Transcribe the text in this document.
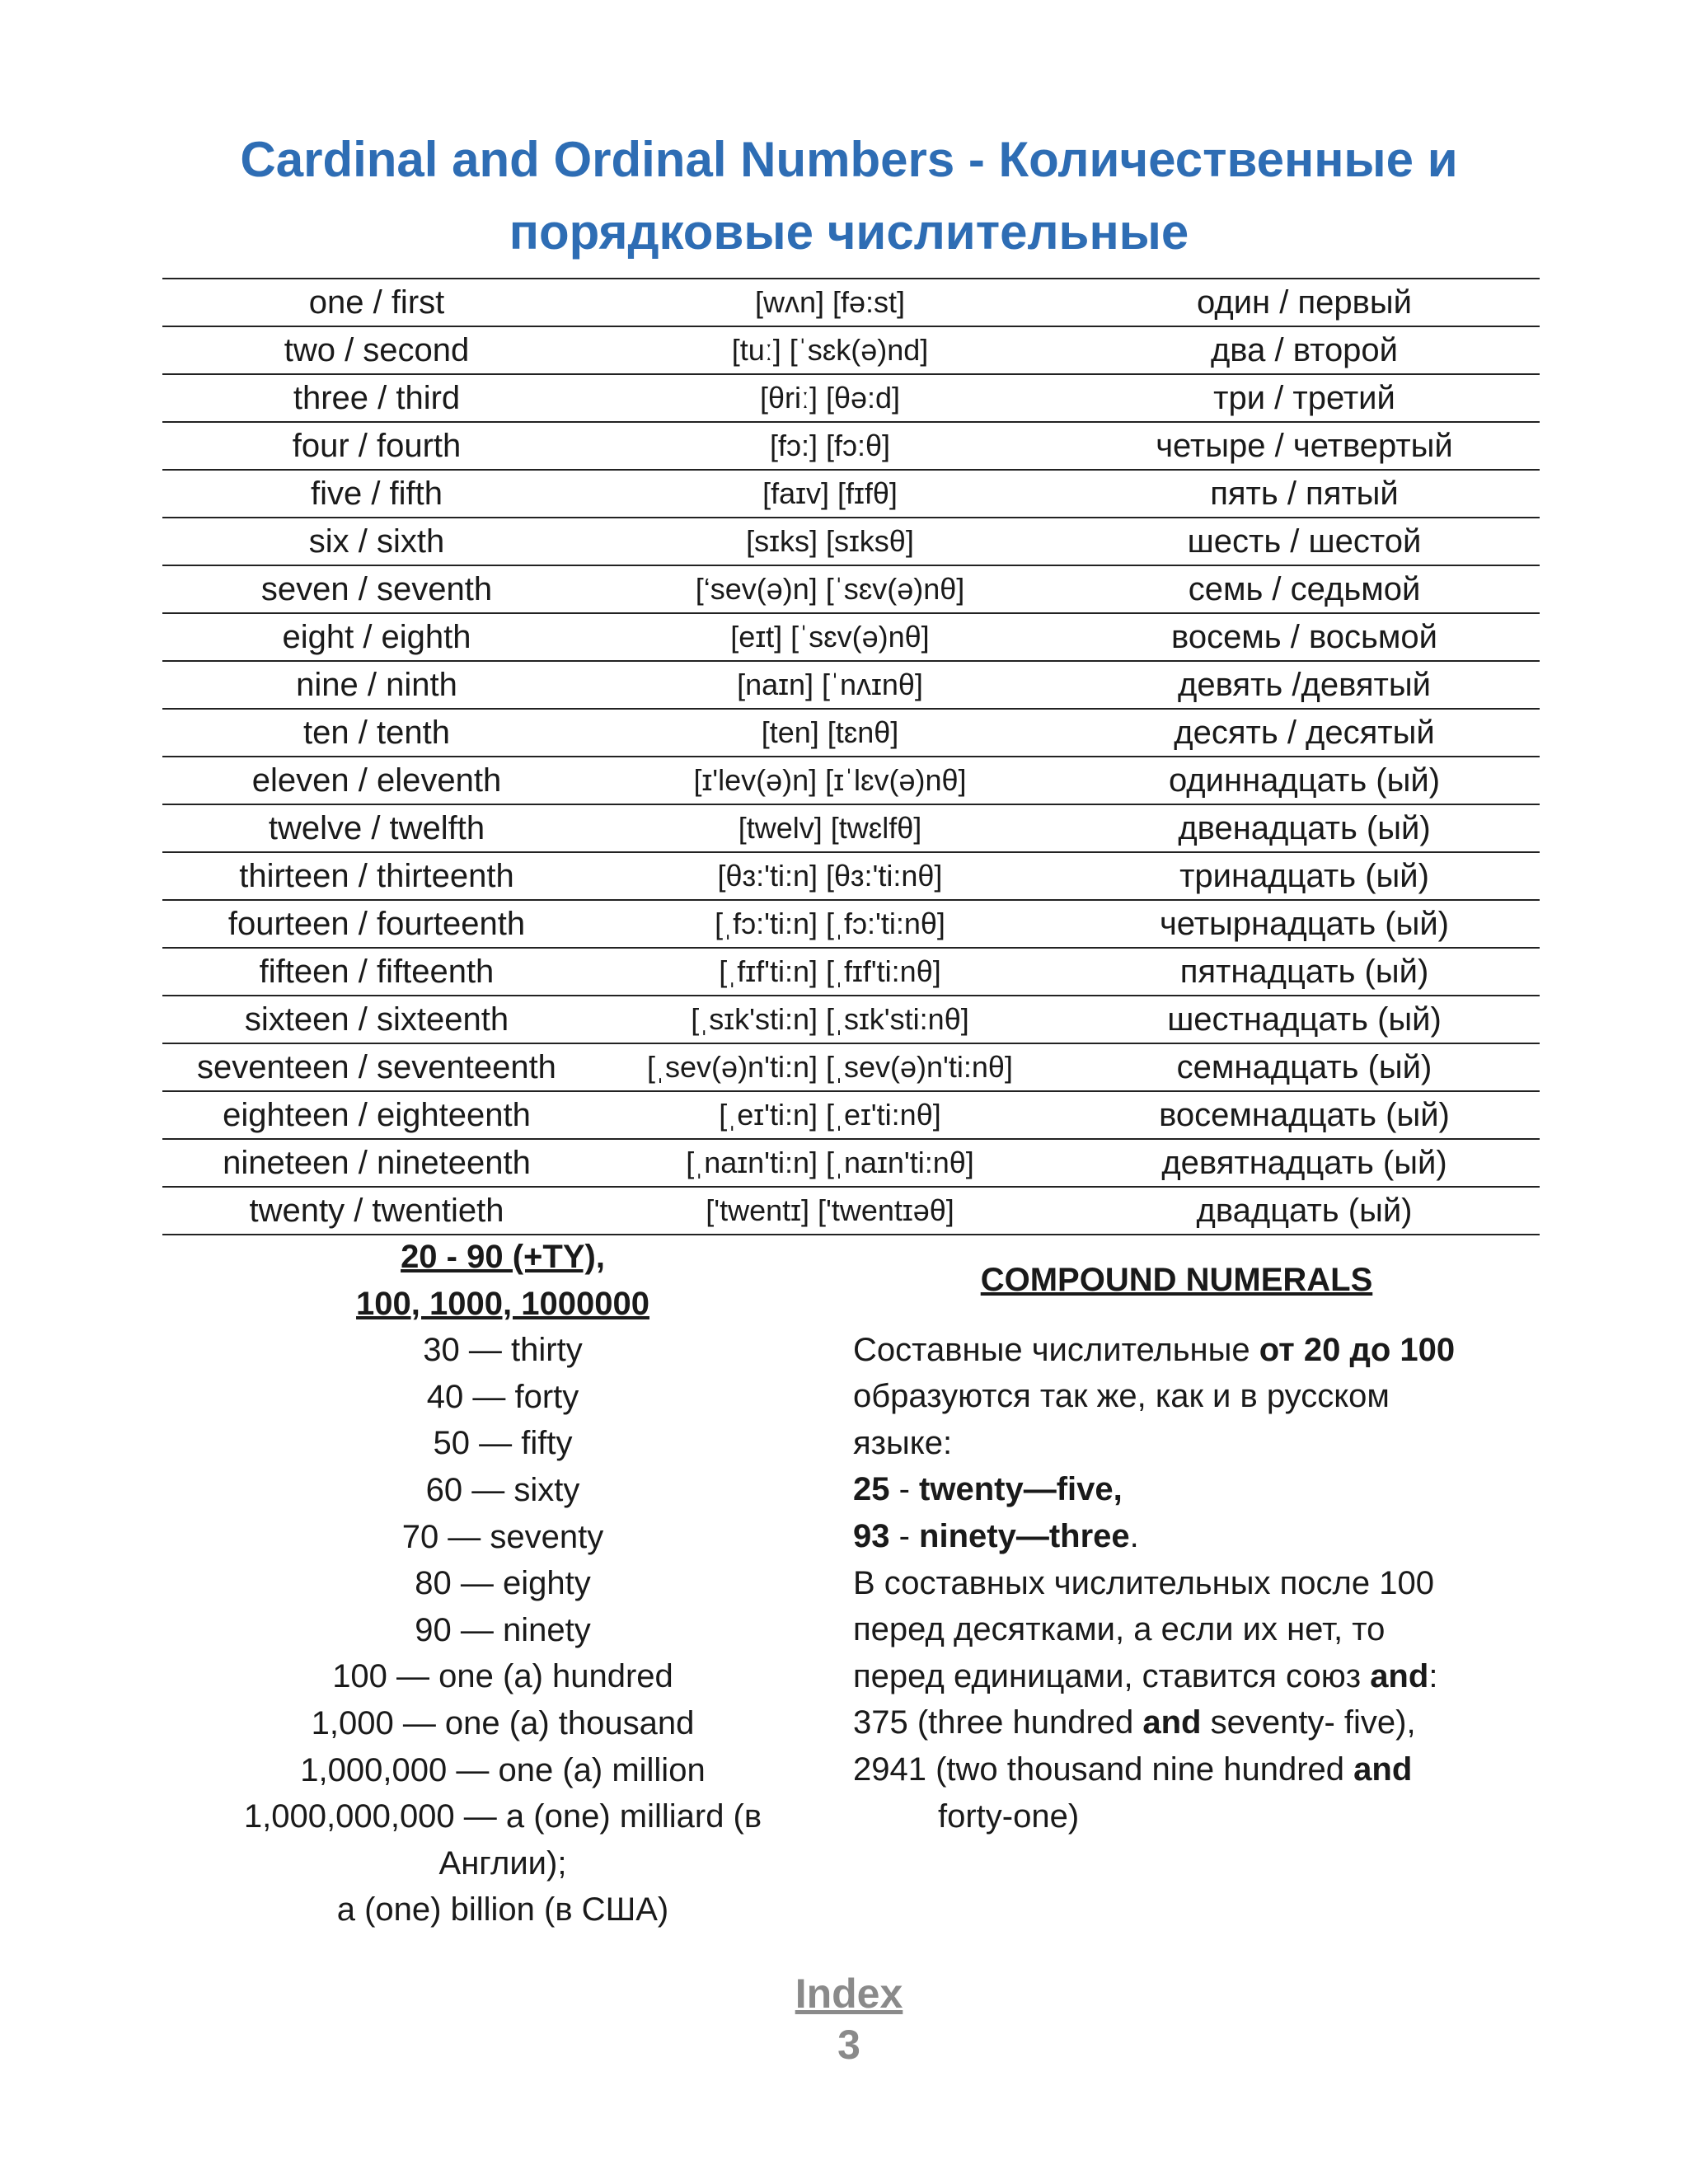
Cardinal and Ordinal Numbers - Количественные и порядковые числительные
one / first	[wʌn] [fə:st]	один / первый
two / second	[tuː] [ˈsɛk(ə)nd]	два / второй
three / third	[θriː] [θə:d]	три / третий
four / fourth	[fɔ:] [fɔ:θ]	четыре / четвертый
five / fifth	[faɪv] [fɪfθ]	пять / пятый
six / sixth	[sɪks] [sɪksθ]	шесть / шестой
seven / seventh	[‘sev(ə)n] [ˈsɛv(ə)nθ]	семь / седьмой
eight / eighth	[eɪt] [ˈsɛv(ə)nθ]	восемь / восьмой
nine / ninth	[naɪn] [ˈnʌɪnθ]	девять /девятый
ten / tenth	[ten] [tɛnθ]	десять / десятый
eleven / eleventh	[ɪ'lev(ə)n] [ɪˈlɛv(ə)nθ]	одиннадцать (ый)
twelve / twelfth	[twelv] [twɛlfθ]	двенадцать (ый)
thirteen / thirteenth	[θɜ:'ti:n] [θɜ:'ti:nθ]	тринадцать (ый)
fourteen / fourteenth	[ˌfɔ:'ti:n] [ˌfɔ:'ti:nθ]	четырнадцать (ый)
fifteen / fifteenth	[ˌfɪf'ti:n] [ˌfɪf'ti:nθ]	пятнадцать (ый)
sixteen / sixteenth	[ˌsɪk'sti:n] [ˌsɪk'sti:nθ]	шестнадцать (ый)
seventeen / seventeenth	[ˌsev(ə)n'ti:n] [ˌsev(ə)n'ti:nθ]	семнадцать (ый)
eighteen / eighteenth	[ˌeɪ'ti:n] [ˌeɪ'ti:nθ]	восемнадцать (ый)
nineteen / nineteenth	[ˌnaɪn'ti:n] [ˌnaɪn'ti:nθ]	девятнадцать (ый)
twenty / twentieth	['twentɪ] ['twentɪəθ]	двадцать (ый)
20 - 90 (+TY),
100, 1000, 1000000
30 — thirty
40 — forty
50 — fifty
60 — sixty
70 — seventy
80 — eighty
90 — ninety
100 — one (a) hundred
1,000 — one (a) thousand
1,000,000 — one (a) million
1,000,000,000 — a (one) milliard (в
Англии);
a (one) billion (в США)
COMPOUND NUMERALS
Составные числительные от 20 до 100
образуются так же, как и в русском
языке:
25 - twenty—five,
93 - ninety—three.
В составных числительных после 100
перед десятками, а если их нет, то
перед единицами, ставится союз and:
375 (three hundred and seventy- five),
2941 (two thousand nine hundred and
forty-one)
Index
3
